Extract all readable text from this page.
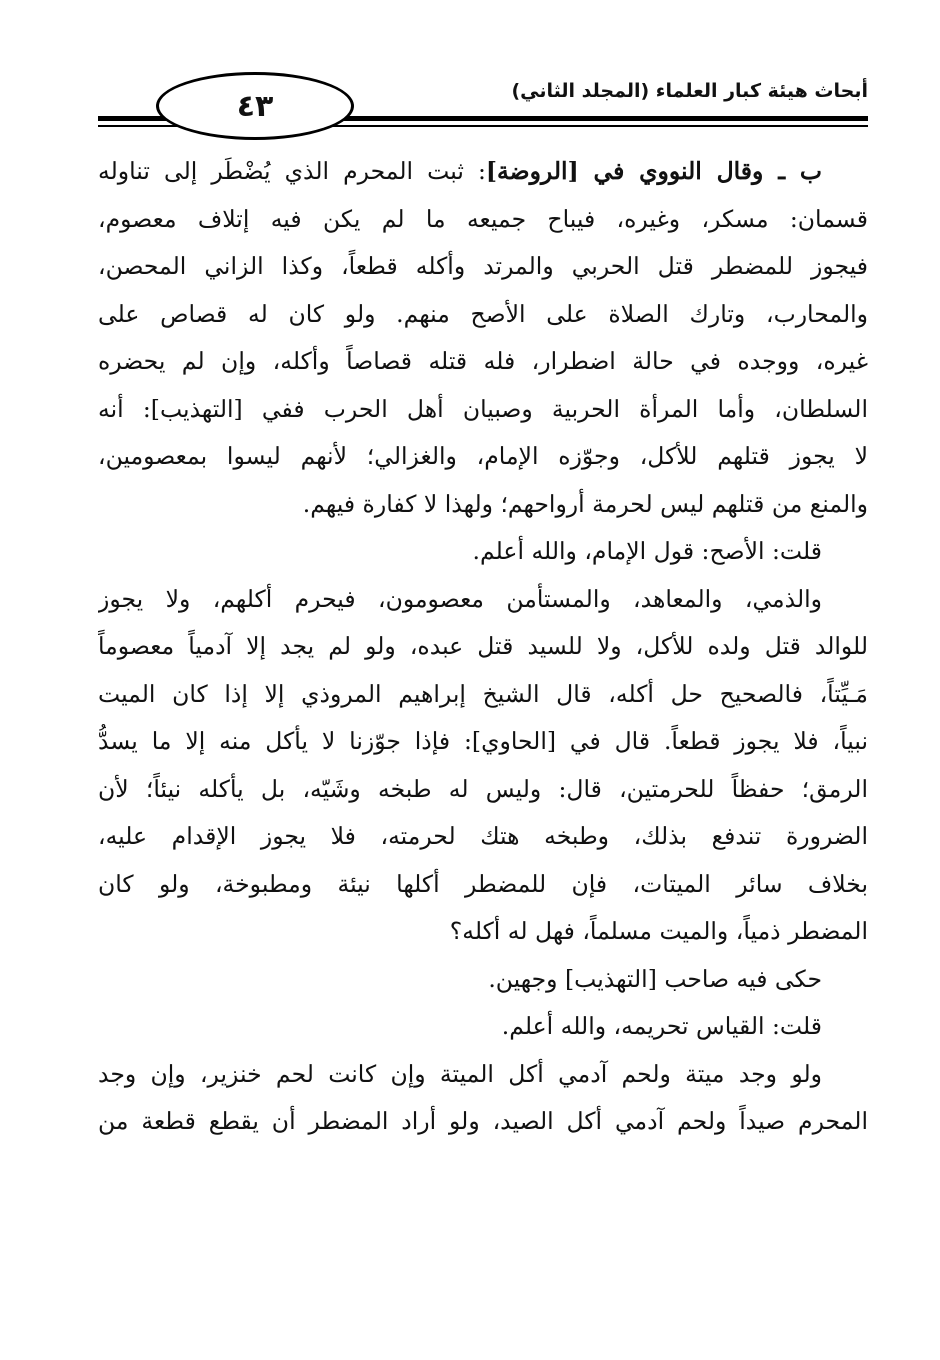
٤٣	أبحاث هيئة كبار العلماء (المجلد الثاني)
ب ـ وقال النووي في [الروضة]: ثبت المحرم الذي يُضْطَر إلى تناوله
قسمان: مسكر، وغيره، فيباح جميعه ما لم يكن فيه إتلاف معصوم،
فيجوز للمضطر قتل الحربي والمرتد وأكله قطعاً، وكذا الزاني المحصن،
والمحارب، وتارك الصلاة على الأصح منهم. ولو كان له قصاص على
غيره، ووجده في حالة اضطرار، فله قتله قصاصاً وأكله، وإن لم يحضره
السلطان، وأما المرأة الحربية وصبيان أهل الحرب ففي [التهذيب]: أنه
لا يجوز قتلهم للأكل، وجوّزه الإمام، والغزالي؛ لأنهم ليسوا بمعصومين،
والمنع من قتلهم ليس لحرمة أرواحهم؛ ولهذا لا كفارة فيهم.
قلت: الأصح: قول الإمام، والله أعلم.
والذمي، والمعاهد، والمستأمن معصومون، فيحرم أكلهم، ولا يجوز
للوالد قتل ولده للأكل، ولا للسيد قتل عبده، ولو لم يجد إلا آدمياً معصوماً
مَـيِّتاً، فالصحيح حل أكله، قال الشيخ إبراهيم المروذي إلا إذا كان الميت
نبياً، فلا يجوز قطعاً. قال في [الحاوي]: فإذا جوّزنا لا يأكل منه إلا ما يسدُّ
الرمق؛ حفظاً للحرمتين، قال: وليس له طبخه وشَيّه، بل يأكله نيئاً؛ لأن
الضرورة تندفع بذلك، وطبخه هتك لحرمته، فلا يجوز الإقدام عليه،
بخلاف سائر الميتات، فإن للمضطر أكلها نيئة ومطبوخة، ولو كان
المضطر ذمياً، والميت مسلماً، فهل له أكله؟
حكى فيه صاحب [التهذيب] وجهين.
قلت: القياس تحريمه، والله أعلم.
ولو وجد ميتة ولحم آدمي أكل الميتة وإن كانت لحم خنزير، وإن وجد
المحرم صيداً ولحم آدمي أكل الصيد، ولو أراد المضطر أن يقطع قطعة من
